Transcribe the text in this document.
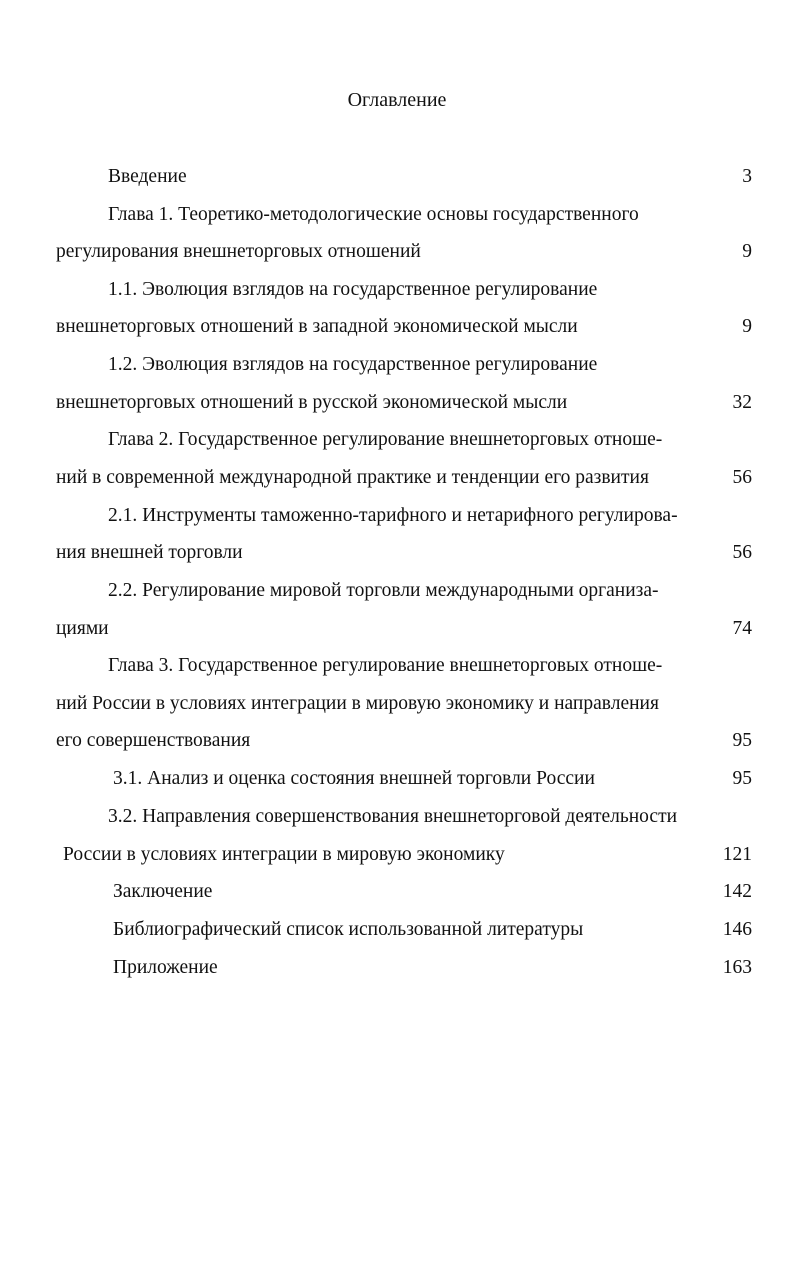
Оглавление
Введение	3
Глава 1. Теоретико-методологические основы государственного
регулирования внешнеторговых отношений	9
1.1. Эволюция взглядов на государственное регулирование
внешнеторговых отношений в западной экономической мысли	9
1.2. Эволюция взглядов на государственное регулирование
внешнеторговых отношений в русской экономической мысли	32
Глава 2. Государственное регулирование внешнеторговых отноше-
ний в современной международной практике и тенденции его развития	56
2.1. Инструменты таможенно-тарифного и нетарифного регулирова-
ния внешней торговли	56
2.2. Регулирование мировой торговли международными организа-
циями	74
Глава 3. Государственное регулирование внешнеторговых отноше-
ний России в условиях интеграции в мировую экономику и направления
его совершенствования	95
3.1. Анализ и оценка состояния внешней торговли России	95
3.2. Направления совершенствования внешнеторговой деятельности
России в условиях интеграции в мировую экономику	121
Заключение	142
Библиографический список использованной литературы	146
Приложение	163
